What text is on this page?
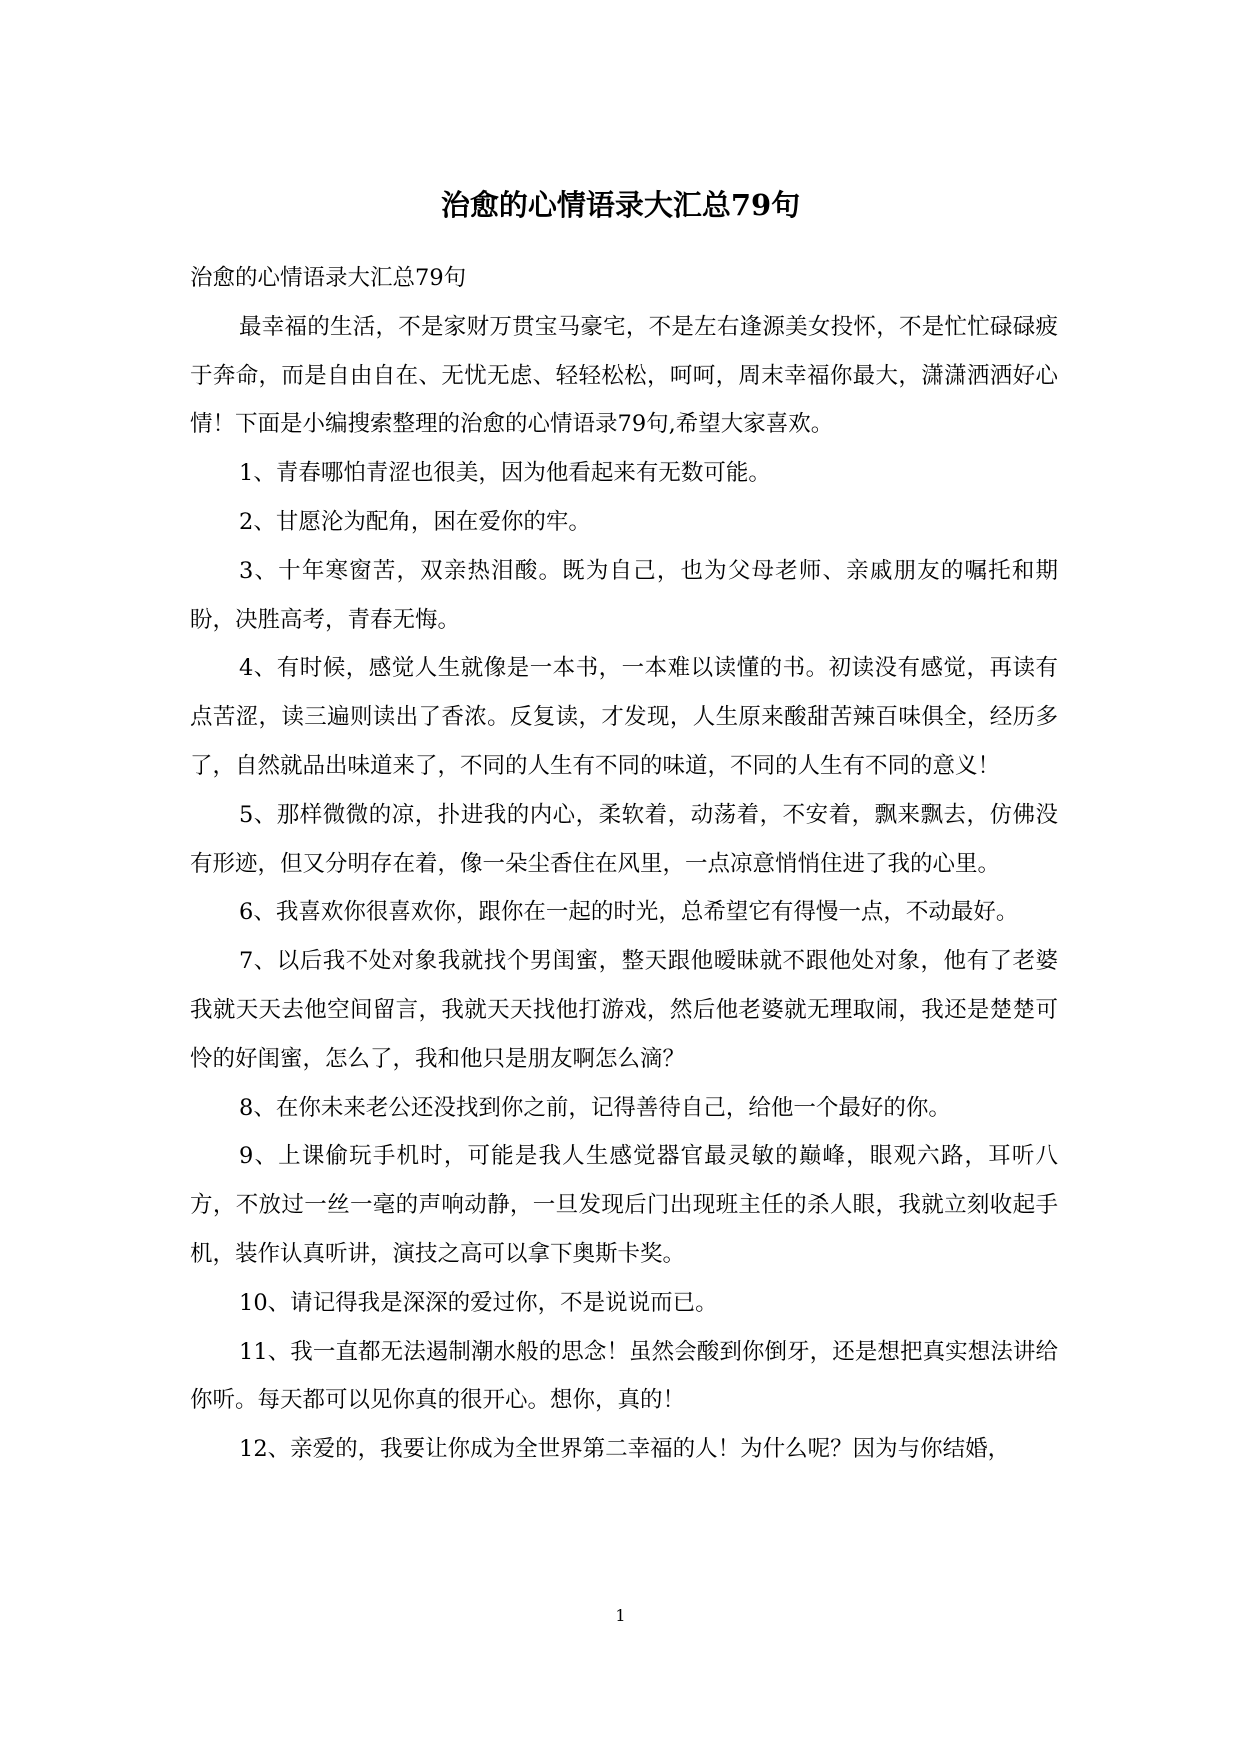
治愈的心情语录大汇总79句

治愈的心情语录大汇总79句

最幸福的生活，不是家财万贯宝马豪宅，不是左右逢源美女投怀，不是忙忙碌碌疲于奔命，而是自由自在、无忧无虑、轻轻松松，呵呵，周末幸福你最大，潇潇洒洒好心情！下面是小编搜索整理的治愈的心情语录79句,希望大家喜欢。

1、青春哪怕青涩也很美，因为他看起来有无数可能。

2、甘愿沦为配角，困在爱你的牢。

3、十年寒窗苦，双亲热泪酸。既为自己，也为父母老师、亲戚朋友的嘱托和期盼，决胜高考，青春无悔。

4、有时候，感觉人生就像是一本书，一本难以读懂的书。初读没有感觉，再读有点苦涩，读三遍则读出了香浓。反复读，才发现，人生原来酸甜苦辣百味俱全，经历多了，自然就品出味道来了，不同的人生有不同的味道，不同的人生有不同的意义！

5、那样微微的凉，扑进我的内心，柔软着，动荡着，不安着，飘来飘去，仿佛没有形迹，但又分明存在着，像一朵尘香住在风里，一点凉意悄悄住进了我的心里。

6、我喜欢你很喜欢你，跟你在一起的时光，总希望它有得慢一点，不动最好。

7、以后我不处对象我就找个男闺蜜，整天跟他暧昧就不跟他处对象，他有了老婆我就天天去他空间留言，我就天天找他打游戏，然后他老婆就无理取闹，我还是楚楚可怜的好闺蜜，怎么了，我和他只是朋友啊怎么滴？

8、在你未来老公还没找到你之前，记得善待自己，给他一个最好的你。

9、上课偷玩手机时，可能是我人生感觉器官最灵敏的巅峰，眼观六路，耳听八方，不放过一丝一毫的声响动静，一旦发现后门出现班主任的杀人眼，我就立刻收起手机，装作认真听讲，演技之高可以拿下奥斯卡奖。

10、请记得我是深深的爱过你，不是说说而已。

11、我一直都无法遏制潮水般的思念！虽然会酸到你倒牙，还是想把真实想法讲给你听。每天都可以见你真的很开心。想你，真的！

12、亲爱的，我要让你成为全世界第二幸福的人！为什么呢？因为与你结婚，

1
